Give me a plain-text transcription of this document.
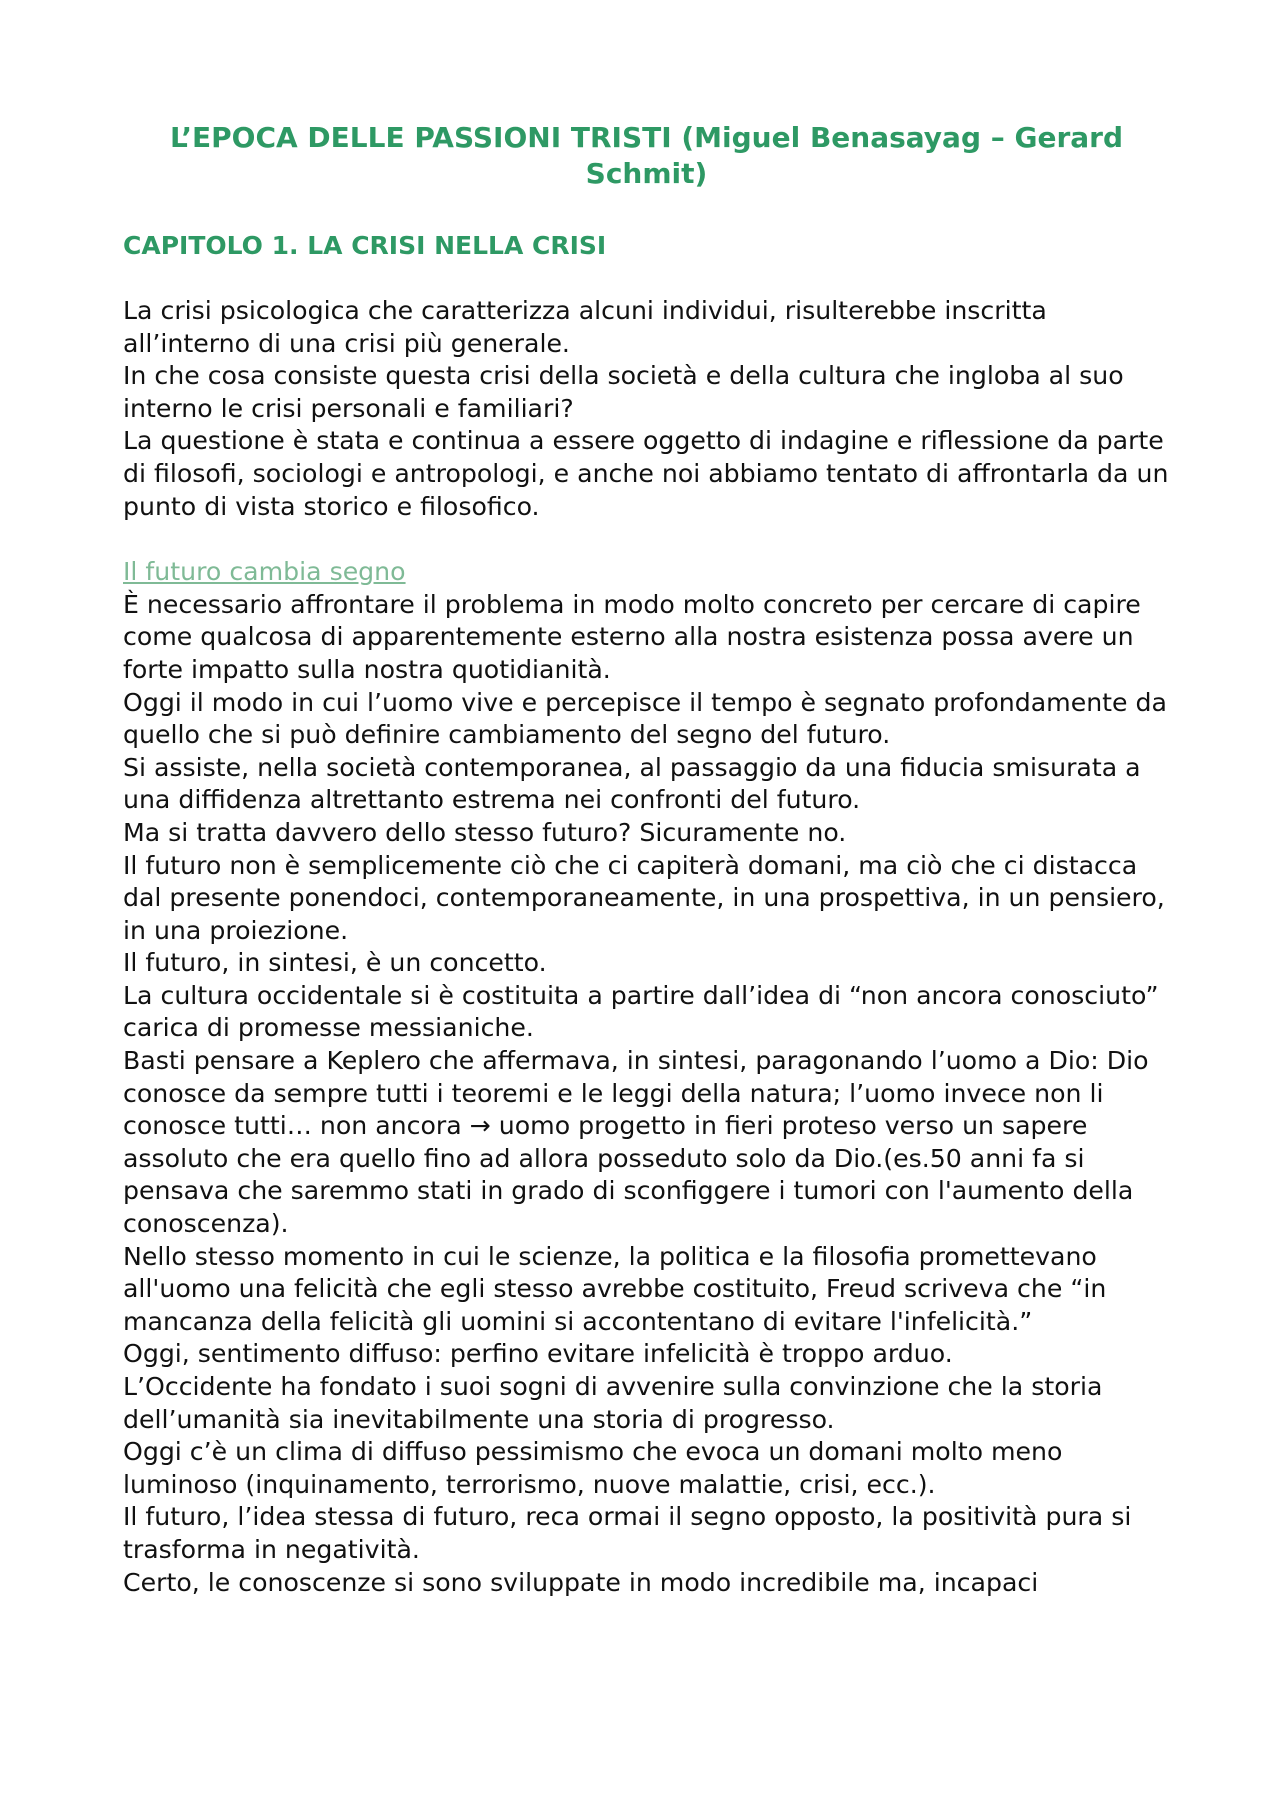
L’EPOCA DELLE PASSIONI TRISTI (Miguel Benasayag – Gerard Schmit)
CAPITOLO 1. LA CRISI NELLA CRISI

La crisi psicologica che caratterizza alcuni individui, risulterebbe inscritta all’interno di una crisi più generale.

In che cosa consiste questa crisi della società e della cultura che ingloba al suo interno le crisi personali e familiari?

La questione è stata e continua a essere oggetto di indagine e riflessione da parte di filosofi, sociologi e antropologi, e anche noi abbiamo tentato di affrontarla da un punto di vista storico e filosofico.

Il futuro cambia segno

È necessario affrontare il problema in modo molto concreto per cercare di capire come qualcosa di apparentemente esterno alla nostra esistenza possa avere un forte impatto sulla nostra quotidianità.

Oggi il modo in cui l’uomo vive e percepisce il tempo è segnato profondamente da quello che si può definire cambiamento del segno del futuro.

Si assiste, nella società contemporanea, al passaggio da una fiducia smisurata a una diffidenza altrettanto estrema nei confronti del futuro.

Ma si tratta davvero dello stesso futuro? Sicuramente no.

Il futuro non è semplicemente ciò che ci capiterà domani, ma ciò che ci distacca dal presente ponendoci, contemporaneamente, in una prospettiva, in un pensiero, in una proiezione.

Il futuro, in sintesi, è un concetto.

La cultura occidentale si è costituita a partire dall’idea di “non ancora conosciuto” carica di promesse messianiche.

Basti pensare a Keplero che affermava, in sintesi, paragonando l’uomo a Dio: Dio conosce da sempre tutti i teoremi e le leggi della natura; l’uomo invece non li conosce tutti… non ancora → uomo progetto in fieri proteso verso un sapere assoluto che era quello fino ad allora posseduto solo da Dio.(es.50 anni fa si pensava che saremmo stati in grado di sconfiggere i tumori con l'aumento della conoscenza).

Nello stesso momento in cui le scienze, la politica e la filosofia promettevano all'uomo una felicità che egli stesso avrebbe costituito, Freud scriveva che “in mancanza della felicità gli uomini si accontentano di evitare l'infelicità.”

Oggi, sentimento diffuso: perfino evitare infelicità è troppo arduo.

L’Occidente ha fondato i suoi sogni di avvenire sulla convinzione che la storia dell’umanità sia inevitabilmente una storia di progresso.

Oggi c’è un clima di diffuso pessimismo che evoca un domani molto meno luminoso (inquinamento, terrorismo, nuove malattie, crisi, ecc.).

Il futuro, l’idea stessa di futuro, reca ormai il segno opposto, la positività pura si trasforma in negatività.

Certo, le conoscenze si sono sviluppate in modo incredibile ma, incapaci
